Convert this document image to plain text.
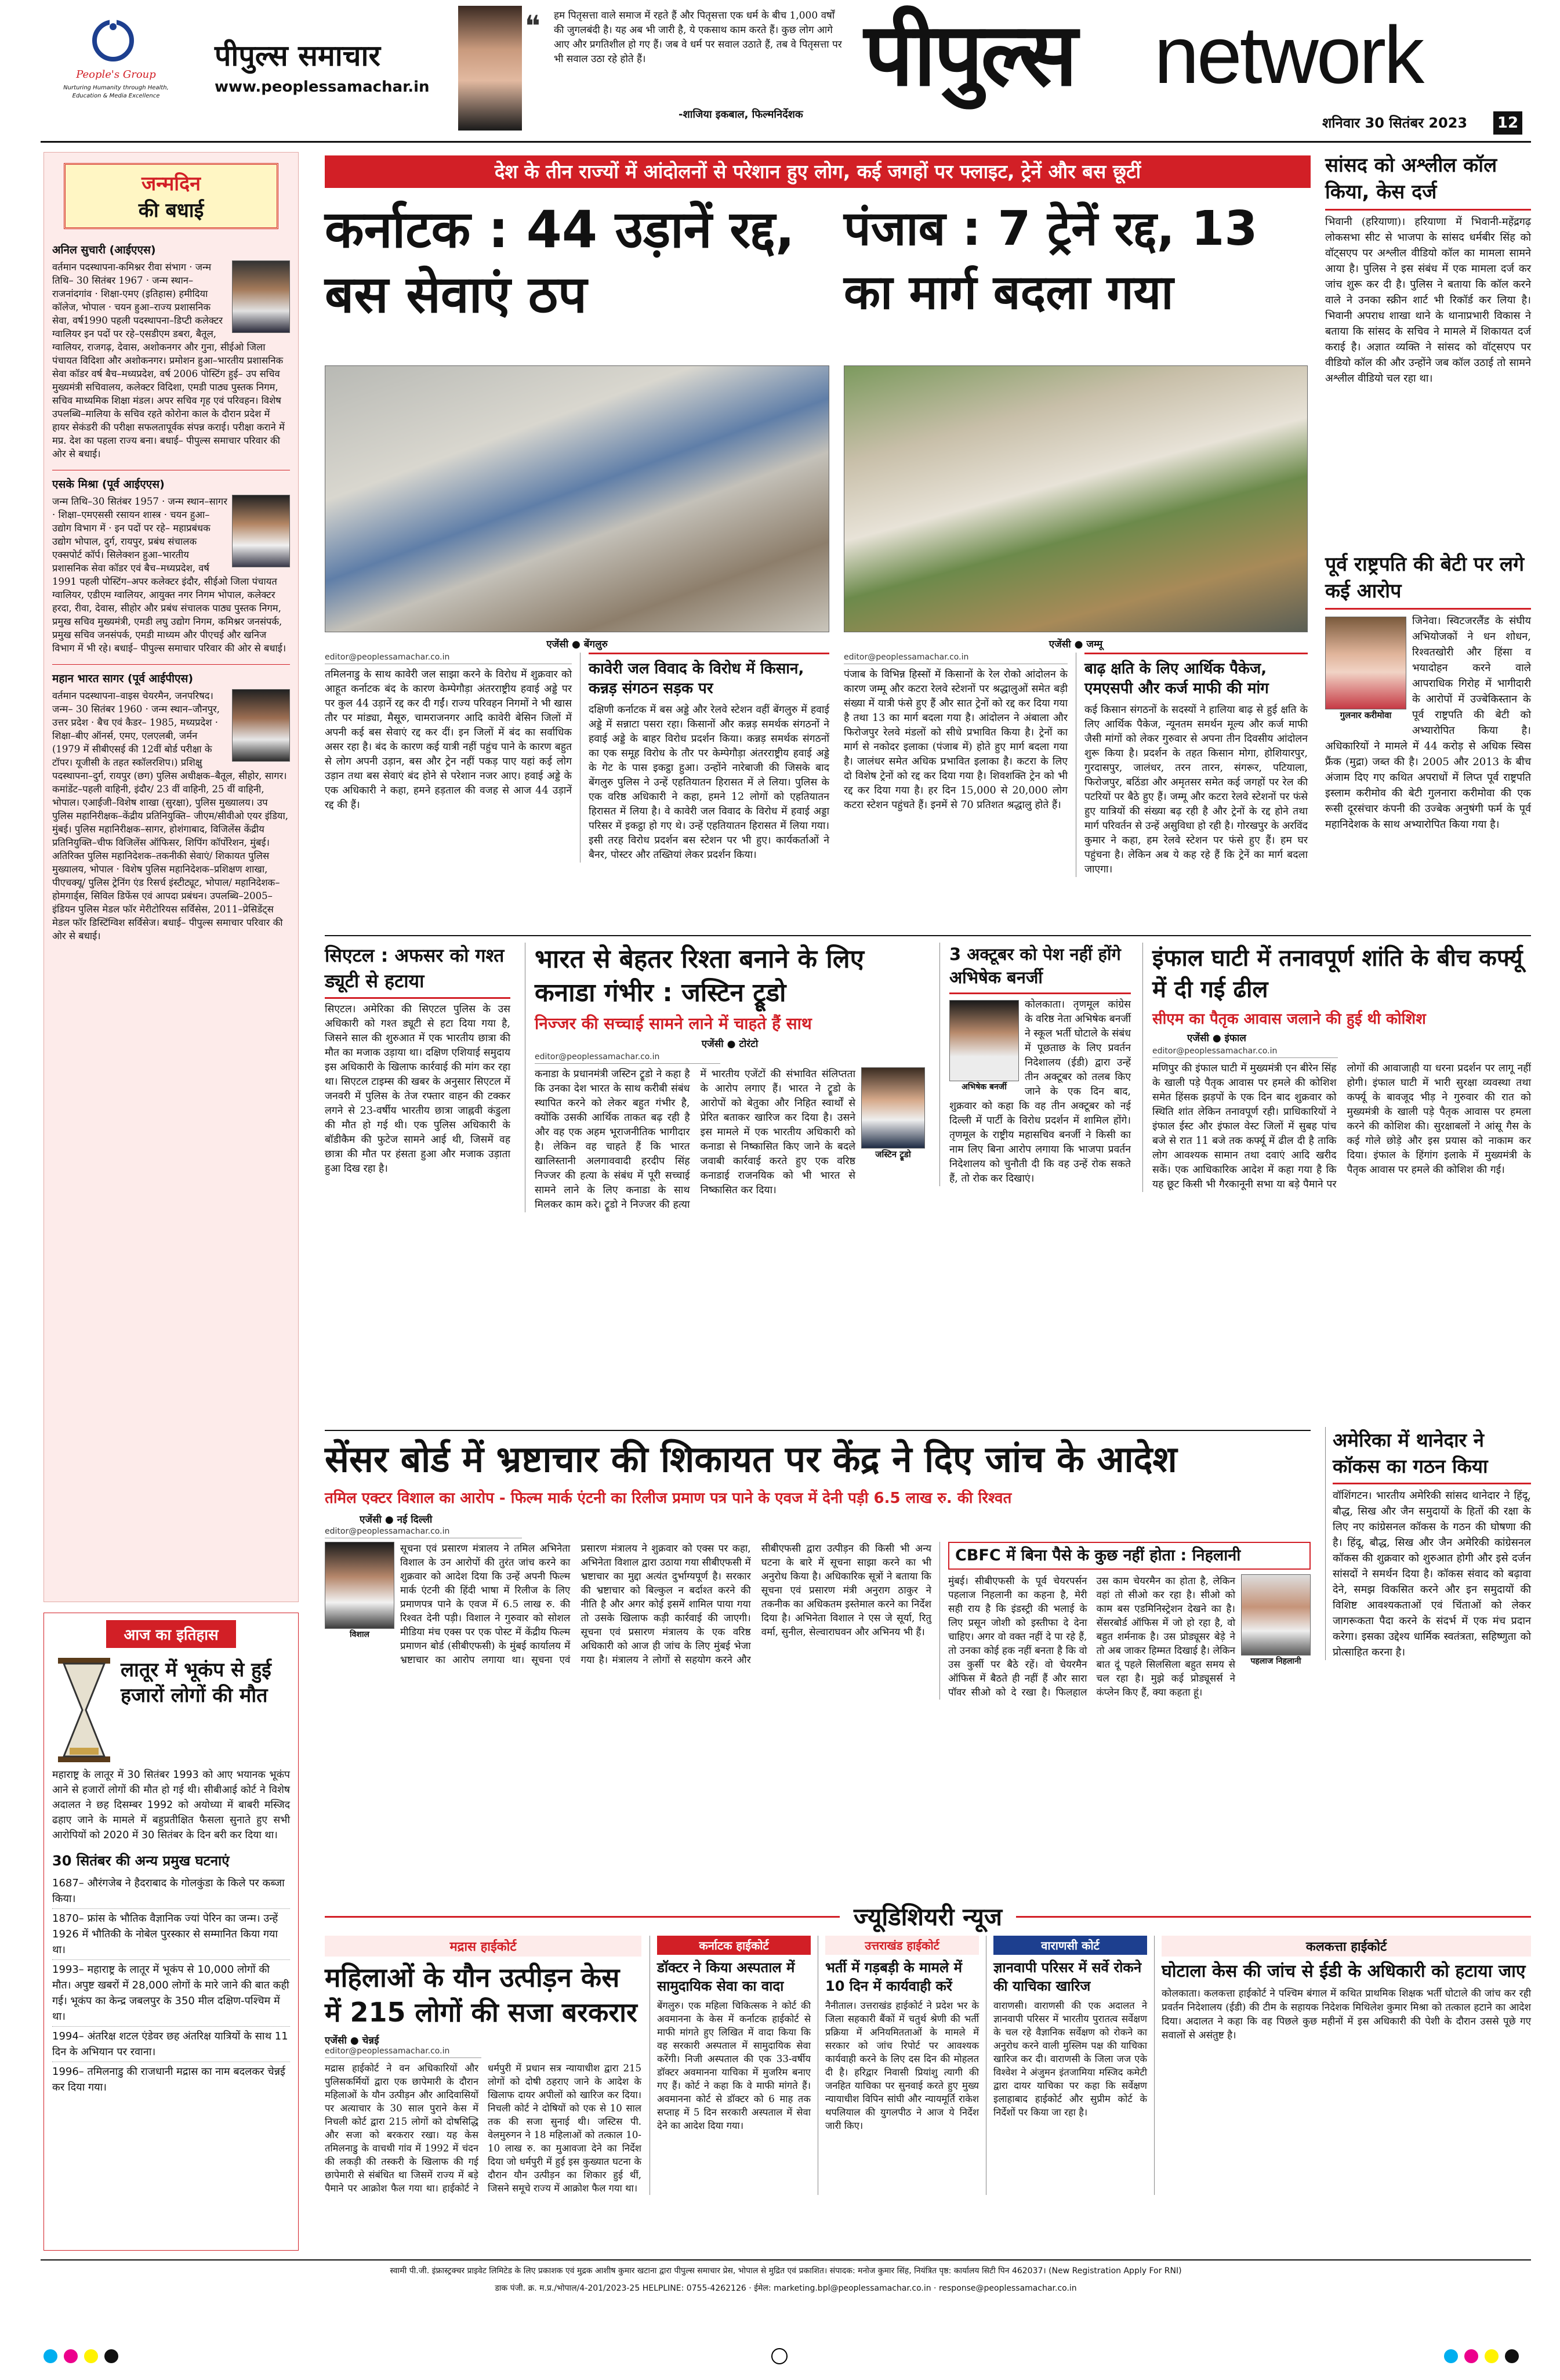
People's Group
Nurturing Humanity through Health, Education & Media Excellence
पीपुल्स समाचार
www.peoplessamachar.in
❝ हम पितृसत्ता वाले समाज में रहते हैं और पितृसत्ता एक धर्म के बीच 1,000 वर्षों की जुगलबंदी है। यह अब भी जारी है, ये एकसाथ काम करते हैं। कुछ लोग आगे आए और प्रगतिशील हो गए हैं। जब वे धर्म पर सवाल उठाते हैं, तब वे पितृसत्ता पर भी सवाल उठा रहे होते हैं।
-शाजिया इकबाल, फिल्मनिर्देशक
पीपुल्स network
शनिवार 30 सितंबर 2023 12
जन्मदिन
की बधाई
अनिल सुचारी (आईएएस)
वर्तमान पदस्थापना-कमिश्नर रीवा संभाग · जन्म तिथि– 30 सितंबर 1967 · जन्म स्थान– राजनांदगांव · शिक्षा-एमए (इतिहास) हमीदिया कॉलेज, भोपाल · चयन हुआ–राज्य प्रशासनिक सेवा, वर्ष1990 पहली पदस्थापना–डिप्टी कलेक्टर ग्वालियर इन पदों पर रहे–एसडीएम डबरा, बैतूल, ग्वालियर, राजगढ़, देवास, अशोकनगर और गुना, सीईओ जिला पंचायत विदिशा और अशोकनगर। प्रमोशन हुआ–भारतीय प्रशासनिक सेवा कॉडर वर्ष बैच–मध्यप्रदेश, वर्ष 2006 पोस्टिंग हुई– उप सचिव मुख्यमंत्री सचिवालय, कलेक्टर विदिशा, एमडी पाठ्य पुस्तक निगम, सचिव माध्यमिक शिक्षा मंडल। अपर सचिव गृह एवं परिवहन। विशेष उपलब्धि–मालिया के सचिव रहते कोरोना काल के दौरान प्रदेश में हायर सेकंडरी की परीक्षा सफलतापूर्वक संपन्न कराई। परीक्षा कराने में मप्र. देश का पहला राज्य बना। बधाई– पीपुल्स समाचार परिवार की ओर से बधाई।
एसके मिश्रा (पूर्व आईएएस)
जन्म तिथि–30 सितंबर 1957 · जन्म स्थान–सागर · शिक्षा–एमएससी रसायन शास्त्र · चयन हुआ–उद्योग विभाग में · इन पदों पर रहे– महाप्रबंधक उद्योग भोपाल, दुर्ग, रायपुर, प्रबंध संचालक एक्सपोर्ट कॉर्प। सिलेक्शन हुआ–भारतीय प्रशासनिक सेवा कॉडर एवं बैच–मध्यप्रदेश, वर्ष 1991 पहली पोस्टिंग–अपर कलेक्टर इंदौर, सीईओ जिला पंचायत ग्वालियर, एडीएम ग्वालियर, आयुक्त नगर निगम भोपाल, कलेक्टर हरदा, रीवा, देवास, सीहोर और प्रबंध संचालक पाठ्य पुस्तक निगम, प्रमुख सचिव मुख्यमंत्री, एमडी लघु उद्योग निगम, कमिश्नर जनसंपर्क, प्रमुख सचिव जनसंपर्क, एमडी माध्यम और पीएचई और खनिज विभाग में भी रहे। बधाई– पीपुल्स समाचार परिवार की ओर से बधाई।
महान भारत सागर (पूर्व आईपीएस)
वर्तमान पदस्थापना–वाइस चेयरमैन, जनपरिषद। जन्म– 30 सितंबर 1960 · जन्म स्थान–जौनपुर, उत्तर प्रदेश · बैच एवं कैडर– 1985, मध्यप्रदेश · शिक्षा–बीए ऑनर्स, एमए, एलएलबी, जर्मन (1979 में सीबीएसई की 12वीं बोर्ड परीक्षा के टॉपर। यूजीसी के तहत स्कॉलरशिप।) प्रशिक्षु पदस्थापना–दुर्ग, रायपुर (छग) पुलिस अधीक्षक–बैतूल, सीहोर, सागर। कमांडेंट–पहली वाहिनी, इंदौर/ 23 वीं वाहिनी, 25 वीं वाहिनी, भोपाल। एआईजी–विशेष शाखा (सुरक्षा), पुलिस मुख्यालय। उप पुलिस महानिरीक्षक–केंद्रीय प्रतिनियुक्ति– जीएम/सीवीओ एयर इंडिया, मुंबई। पुलिस महानिरीक्षक–सागर, होशंगाबाद, विजिलेंस केंद्रीय प्रतिनियुक्ति–चीफ विजिलेंस ऑफिसर, शिपिंग कॉर्पोरेशन, मुंबई। अतिरिक्त पुलिस महानिदेशक–तकनीकी सेवाएं/ शिकायत पुलिस मुख्यालय, भोपाल · विशेष पुलिस महानिदेशक–प्रशिक्षण शाखा, पीएचक्यू/ पुलिस ट्रेनिंग एंड रिसर्च इंस्टीट्यूट, भोपाल/ महानिदेशक– होमगार्ड्स, सिविल डिफेंस एवं आपदा प्रबंधन। उपलब्धि–2005–इंडियन पुलिस मेडल फॉर मेरीटोरियस सर्विसेस, 2011–प्रेसिडेंट्स मेडल फॉर डिस्टिंग्विश सर्विसेज। बधाई– पीपुल्स समाचार परिवार की ओर से बधाई।
आज का इतिहास
लातूर में भूकंप से हुई हजारों लोगों की मौत
महाराष्ट्र के लातूर में 30 सितंबर 1993 को आए भयानक भूकंप आने से हजारों लोगों की मौत हो गई थी। सीबीआई कोर्ट ने विशेष अदालत ने छह दिसम्बर 1992 को अयोध्या में बाबरी मस्जिद ढहाए जाने के मामले में बहुप्रतीक्षित फैसला सुनाते हुए सभी आरोपियों को 2020 में 30 सितंबर के दिन बरी कर दिया था।
30 सितंबर की अन्य प्रमुख घटनाएं
1687– औरंगजेब ने हैदराबाद के गोलकुंडा के किले पर कब्जा किया।
1870– फ्रांस के भौतिक वैज्ञानिक ज्यां पेरिन का जन्म। उन्हें 1926 में भौतिकी के नोबेल पुरस्कार से सम्मानित किया गया था।
1993– महाराष्ट्र के लातूर में भूकंप से 10,000 लोगों की मौत। अपुष्ट खबरों में 28,000 लोगों के मारे जाने की बात कही गई। भूकंप का केन्द्र जबलपुर के 350 मील दक्षिण-पश्चिम में था।
1994– अंतरिक्ष शटल एंडेवर छह अंतरिक्ष यात्रियों के साथ 11 दिन के अभियान पर रवाना।
1996– तमिलनाडु की राजधानी मद्रास का नाम बदलकर चेन्नई कर दिया गया।
देश के तीन राज्यों में आंदोलनों से परेशान हुए लोग, कई जगहों पर फ्लाइट, ट्रेनें और बस छूटीं
कर्नाटक : 44 उड़ानें रद्द, बस सेवाएं ठप
एजेंसी ● बेंगलुरु
editor@peoplessamachar.co.in

तमिलनाडु के साथ कावेरी जल साझा करने के विरोध में शुक्रवार को आहूत कर्नाटक बंद के कारण केम्पेगौड़ा अंतरराष्ट्रीय हवाई अड्डे पर पर कुल 44 उड़ानें रद्द कर दी गईं। राज्य परिवहन निगमों ने भी खास तौर पर मांड्या, मैसूरु, चामराजनगर आदि कावेरी बेसिन जिलों में अपनी कई बस सेवाएं रद्द कर दीं। इन जिलों में बंद का सर्वाधिक असर रहा है। बंद के कारण कई यात्री नहीं पहुंच पाने के कारण बहुत से लोग अपनी उड़ान, बस और ट्रेन नहीं पकड़ पाए यहां कई लोग उड़ान तथा बस सेवाएं बंद होने से परेशान नजर आए। हवाई अड्डे के एक अधिकारी ने कहा, हमने हड़ताल की वजह से आज 44 उड़ानें रद्द की हैं।

कावेरी जल विवाद के विरोध में किसान, कन्नड़ संगठन सड़क पर

दक्षिणी कर्नाटक में बस अड्डे और रेलवे स्टेशन वहीं बेंगलुरु में हवाई अड्डे में सन्नाटा पसरा रहा। किसानों और कन्नड़ समर्थक संगठनों ने हवाई अड्डे के बाहर विरोध प्रदर्शन किया। कन्नड़ समर्थक संगठनों का एक समूह विरोध के तौर पर केम्पेगौड़ा अंतरराष्ट्रीय हवाई अड्डे के गेट के पास इकट्ठा हुआ। उन्होंने नारेबाजी की जिसके बाद बेंगलुरु पुलिस ने उन्हें एहतियातन हिरासत में ले लिया। पुलिस के एक वरिष्ठ अधिकारी ने कहा, हमने 12 लोगों को एहतियातन हिरासत में लिया है। वे कावेरी जल विवाद के विरोध में हवाई अड्डा परिसर में इकट्ठा हो गए थे। उन्हें एहतियातन हिरासत में लिया गया। इसी तरह विरोध प्रदर्शन बस स्टेशन पर भी हुए। कार्यकर्ताओं ने बैनर, पोस्टर और तख्तियां लेकर प्रदर्शन किया।

पंजाब : 7 ट्रेनें रद्द, 13 का मार्ग बदला गया
एजेंसी ● जम्मू
editor@peoplessamachar.co.in

पंजाब के विभिन्न हिस्सों में किसानों के रेल रोको आंदोलन के कारण जम्मू और कटरा रेलवे स्टेशनों पर श्रद्धालुओं समेत बड़ी संख्या में यात्री फंसे हुए हैं और सात ट्रेनों को रद्द कर दिया गया है तथा 13 का मार्ग बदला गया है। आंदोलन ने अंबाला और फिरोजपुर रेलवे मंडलों को सीधे प्रभावित किया है। ट्रेनों का मार्ग से नकोदर इलाका (पंजाब में) होते हुए मार्ग बदला गया है। जालंधर समेत अधिक प्रभावित इलाका है। कटरा के लिए दो विशेष ट्रेनों को रद्द कर दिया गया है। शिवशक्ति ट्रेन को भी रद्द कर दिया गया है। हर दिन 15,000 से 20,000 लोग कटरा स्टेशन पहुंचते हैं। इनमें से 70 प्रतिशत श्रद्धालु होते हैं।

बाढ़ क्षति के लिए आर्थिक पैकेज, एमएसपी और कर्ज माफी की मांग

कई किसान संगठनों के सदस्यों ने हालिया बाढ़ से हुई क्षति के लिए आर्थिक पैकेज, न्यूनतम समर्थन मूल्य और कर्ज माफी जैसी मांगों को लेकर गुरुवार से अपना तीन दिवसीय आंदोलन शुरू किया है। प्रदर्शन के तहत किसान मोगा, होशियारपुर, गुरदासपुर, जालंधर, तरन तारन, संगरूर, पटियाला, फिरोजपुर, बठिंडा और अमृतसर समेत कई जगहों पर रेल की पटरियों पर बैठे हुए हैं। जम्मू और कटरा रेलवे स्टेशनों पर फंसे हुए यात्रियों की संख्या बढ़ रही है और ट्रेनों के रद्द होने तथा मार्ग परिवर्तन से उन्हें असुविधा हो रही है। गोरखपुर के अरविंद कुमार ने कहा, हम रेलवे स्टेशन पर फंसे हुए हैं। हम घर पहुंचना है। लेकिन अब ये कह रहे हैं कि ट्रेनें का मार्ग बदला जाएगा।

सांसद को अश्लील कॉल किया, केस दर्ज

भिवानी (हरियाणा)। हरियाणा में भिवानी-महेंद्रगढ़ लोकसभा सीट से भाजपा के सांसद धर्मबीर सिंह को वॉट्सएप पर अश्लील वीडियो कॉल का मामला सामने आया है। पुलिस ने इस संबंध में एक मामला दर्ज कर जांच शुरू कर दी है। पुलिस ने बताया कि कॉल करने वाले ने उनका स्क्रीन शार्ट भी रिकॉर्ड कर लिया है। भिवानी अपराध शाखा थाने के थानाप्रभारी विकास ने बताया कि सांसद के सचिव ने मामले में शिकायत दर्ज कराई है। अज्ञात व्यक्ति ने सांसद को वॉट्सएप पर वीडियो कॉल की और उन्होंने जब कॉल उठाई तो सामने अश्लील वीडियो चल रहा था।

पूर्व राष्ट्रपति की बेटी पर लगे कई आरोप
गुलनार करीमोवा

जिनेवा। स्विटजरलैंड के संघीय अभियोजकों ने धन शोधन, रिश्वतखोरी और हिंसा व भयादोहन करने वाले आपराधिक गिरोह में भागीदारी के आरोपों में उज्बेकिस्तान के पूर्व राष्ट्रपति की बेटी को अभ्यारोपित किया है। अधिकारियों ने मामले में 44 करोड़ से अधिक स्विस फ्रैंक (मुद्रा) जब्त की है। 2005 और 2013 के बीच अंजाम दिए गए कथित अपराधों में लिप्त पूर्व राष्ट्रपति इस्लाम करीमोव की बेटी गुलनारा करीमोवा की एक रूसी दूरसंचार कंपनी की उज्बेक अनुषंगी फर्म के पूर्व महानिदेशक के साथ अभ्यारोपित किया गया है।

सिएटल : अफसर को गश्त ड्यूटी से हटाया

सिएटल। अमेरिका की सिएटल पुलिस के उस अधिकारी को गश्त ड्यूटी से हटा दिया गया है, जिसने साल की शुरुआत में एक भारतीय छात्रा की मौत का मजाक उड़ाया था। दक्षिण एशियाई समुदाय इस अधिकारी के खिलाफ कार्रवाई की मांग कर रहा था। सिएटल टाइम्स की खबर के अनुसार सिएटल में जनवरी में पुलिस के तेज रफ्तार वाहन की टक्कर लगने से 23-वर्षीय भारतीय छात्रा जाह्नवी कंडुला की मौत हो गई थी। एक पुलिस अधिकारी के बॉडीकैम की फुटेज सामने आई थी, जिसमें वह छात्रा की मौत पर हंसता हुआ और मजाक उड़ाता हुआ दिख रहा है।

भारत से बेहतर रिश्ता बनाने के लिए कनाडा गंभीर : जस्टिन ट्रूडो
निज्जर की सच्चाई सामने लाने में चाहते हैं साथ
एजेंसी ● टोरंटो
editor@peoplessamachar.co.in
जस्टिन ट्रूडो

कनाडा के प्रधानमंत्री जस्टिन ट्रूडो ने कहा है कि उनका देश भारत के साथ करीबी संबंध स्थापित करने को लेकर बहुत गंभीर है, क्योंकि उसकी आर्थिक ताकत बढ़ रही है और वह एक अहम भूराजनीतिक भागीदार है। लेकिन वह चाहते हैं कि भारत खालिस्तानी अलगाववादी हरदीप सिंह निज्जर की हत्या के संबंध में पूरी सच्चाई सामने लाने के लिए कनाडा के साथ मिलकर काम करे। ट्रूडो ने निज्जर की हत्या में भारतीय एजेंटों की संभावित संलिप्तता के आरोप लगाए हैं। भारत ने ट्रूडो के आरोपों को बेतुका और निहित स्वार्थों से प्रेरित बताकर खारिज कर दिया है। उसने इस मामले में एक भारतीय अधिकारी को कनाडा से निष्कासित किए जाने के बदले जवाबी कार्रवाई करते हुए एक वरिष्ठ कनाडाई राजनयिक को भी भारत से निष्कासित कर दिया।

3 अक्टूबर को पेश नहीं होंगे अभिषेक बनर्जी
अभिषेक बनर्जी

कोलकाता। तृणमूल कांग्रेस के वरिष्ठ नेता अभिषेक बनर्जी ने स्कूल भर्ती घोटाले के संबंध में पूछताछ के लिए प्रवर्तन निदेशालय (ईडी) द्वारा उन्हें तीन अक्टूबर को तलब किए जाने के एक दिन बाद, शुक्रवार को कहा कि वह तीन अक्टूबर को नई दिल्ली में पार्टी के विरोध प्रदर्शन में शामिल होंगे। तृणमूल के राष्ट्रीय महासचिव बनर्जी ने किसी का नाम लिए बिना आरोप लगाया कि भाजपा प्रवर्तन निदेशालय को चुनौती दी कि वह उन्हें रोक सकते हैं, तो रोक कर दिखाएं।

इंफाल घाटी में तनावपूर्ण शांति के बीच कर्फ्यू में दी गई ढील
सीएम का पैतृक आवास जलाने की हुई थी कोशिश
एजेंसी ● इंफाल
editor@peoplessamachar.co.in

मणिपुर की इंफाल घाटी में मुख्यमंत्री एन बीरेन सिंह के खाली पड़े पैतृक आवास पर हमले की कोशिश समेत हिंसक झड़पों के एक दिन बाद शुक्रवार को स्थिति शांत लेकिन तनावपूर्ण रही। प्राधिकारियों ने इंफाल ईस्ट और इंफाल वेस्ट जिलों में सुबह पांच बजे से रात 11 बजे तक कर्फ्यू में ढील दी है ताकि लोग आवश्यक सामान तथा दवाएं आदि खरीद सकें। एक आधिकारिक आदेश में कहा गया है कि यह छूट किसी भी गैरकानूनी सभा या बड़े पैमाने पर लोगों की आवाजाही या धरना प्रदर्शन पर लागू नहीं होगी। इंफाल घाटी में भारी सुरक्षा व्यवस्था तथा कर्फ्यू के बावजूद भीड़ ने गुरुवार की रात को मुख्यमंत्री के खाली पड़े पैतृक आवास पर हमला करने की कोशिश की। सुरक्षाबलों ने आंसू गैस के कई गोले छोड़े और इस प्रयास को नाकाम कर दिया। इंफाल के हिंगांग इलाके में मुख्यमंत्री के पैतृक आवास पर हमले की कोशिश की गई।

सेंसर बोर्ड में भ्रष्टाचार की शिकायत पर केंद्र ने दिए जांच के आदेश
तमिल एक्टर विशाल का आरोप - फिल्म मार्क एंटनी का रिलीज प्रमाण पत्र पाने के एवज में देनी पड़ी 6.5 लाख रु. की रिश्वत
एजेंसी ● नई दिल्ली
editor@peoplessamachar.co.in
विशाल

सूचना एवं प्रसारण मंत्रालय ने तमिल अभिनेता विशाल के उन आरोपों की तुरंत जांच करने का शुक्रवार को आदेश दिया कि उन्हें अपनी फिल्म मार्क एंटनी की हिंदी भाषा में रिलीज के लिए प्रमाणपत्र पाने के एवज में 6.5 लाख रु. की रिश्वत देनी पड़ी। विशाल ने गुरुवार को सोशल मीडिया मंच एक्स पर एक पोस्ट में केंद्रीय फिल्म प्रमाणन बोर्ड (सीबीएफसी) के मुंबई कार्यालय में भ्रष्टाचार का आरोप लगाया था। सूचना एवं प्रसारण मंत्रालय ने शुक्रवार को एक्स पर कहा, अभिनेता विशाल द्वारा उठाया गया सीबीएफसी में भ्रष्टाचार का मुद्दा अत्यंत दुर्भाग्यपूर्ण है। सरकार की भ्रष्टाचार को बिल्कुल न बर्दाश्त करने की नीति है और अगर कोई इसमें शामिल पाया गया तो उसके खिलाफ कड़ी कार्रवाई की जाएगी। सूचना एवं प्रसारण मंत्रालय के एक वरिष्ठ अधिकारी को आज ही जांच के लिए मुंबई भेजा गया है। मंत्रालय ने लोगों से सहयोग करने और सीबीएफसी द्वारा उत्पीड़न की किसी भी अन्य घटना के बारे में सूचना साझा करने का भी अनुरोध किया है। अधिकारिक सूत्रों ने बताया कि सूचना एवं प्रसारण मंत्री अनुराग ठाकुर ने तकनीक का अधिकतम इस्तेमाल करने का निर्देश दिया है। अभिनेता विशाल ने एस जे सूर्या, रितु वर्मा, सुनील, सेल्वाराघवन और अभिनय भी हैं।

CBFC में बिना पैसे के कुछ नहीं होता : निहलानी
पहलाज निहलानी

मुंबई। सीबीएफसी के पूर्व चेयरपर्सन पहलाज निहलानी का कहना है, मेरी सही राय है कि इंडस्ट्री की भलाई के लिए प्रसून जोशी को इस्तीफा दे देना चाहिए। अगर वो वक्त नहीं दे पा रहे हैं, तो उनका कोई हक नहीं बनता है कि वो उस कुर्सी पर बैठे रहें। वो चेयरमैन ऑफिस में बैठते ही नहीं हैं और सारा पॉवर सीओ को दे रखा है। फिलहाल उस काम चेयरमैन का होता है, लेकिन वहां तो सीओ कर रहा है। सीओ को काम बस एडमिनिस्ट्रेशन देखने का है। सेंसरबोर्ड ऑफिस में जो हो रहा है, वो बहुत शर्मनाक है। उस प्रोड्यूसर बेड़े ने तो अब जाकर हिम्मत दिखाई है। लेकिन बात दूं पहले सिलसिला बहुत समय से चल रहा है। मुझे कई प्रोड्यूसर्स ने कंप्लेन किए हैं, क्या कहता हूं।

अमेरिका में थानेदार ने कॉकस का गठन किया

वॉशिंगटन। भारतीय अमेरिकी सांसद थानेदार ने हिंदू, बौद्ध, सिख और जैन समुदायों के हितों की रक्षा के लिए नए कांग्रेसनल कॉकस के गठन की घोषणा की है। हिंदू, बौद्ध, सिख और जैन अमेरिकी कांग्रेसनल कॉकस की शुक्रवार को शुरुआत होगी और इसे दर्जन सांसदों ने समर्थन दिया है। कॉकस संवाद को बढ़ावा देने, समझ विकसित करने और इन समुदायों की विशिष्ट आवश्यकताओं एवं चिंताओं को लेकर जागरूकता पैदा करने के संदर्भ में एक मंच प्रदान करेगा। इसका उद्देश्य धार्मिक स्वतंत्रता, सहिष्णुता को प्रोत्साहित करना है।

ज्यूडिशियरी न्यूज
मद्रास हाईकोर्ट
महिलाओं के यौन उत्पीड़न केस में 215 लोगों की सजा बरकरार
एजेंसी ● चेन्नई
editor@peoplessamachar.co.in

मद्रास हाईकोर्ट ने वन अधिकारियों और पुलिसकर्मियों द्वारा एक छापेमारी के दौरान महिलाओं के यौन उत्पीड़न और आदिवासियों पर अत्याचार के 30 साल पुराने केस में निचली कोर्ट द्वारा 215 लोगों को दोषसिद्धि और सजा को बरकरार रखा। यह केस तमिलनाडु के वाचथी गांव में 1992 में चंदन की लकड़ी की तस्करी के खिलाफ की गई छापेमारी से संबंधित था जिसमें राज्य में बड़े पैमाने पर आक्रोश फैल गया था। हाईकोर्ट ने धर्मपुरी में प्रधान सत्र न्यायाधीश द्वारा 215 लोगों को दोषी ठहराए जाने के आदेश के खिलाफ दायर अपीलों को खारिज कर दिया। निचली कोर्ट ने दोषियों को एक से 10 साल तक की सजा सुनाई थी। जस्टिस पी. वेलमुरुगन ने 18 महिलाओं को तत्काल 10-10 लाख रु. का मुआवजा देने का निर्देश दिया जो धर्मपुरी में हुई इस कुख्यात घटना के दौरान यौन उत्पीड़न का शिकार हुई थीं, जिसने समूचे राज्य में आक्रोश फैल गया था।

कर्नाटक हाईकोर्ट
डॉक्टर ने किया अस्पताल में सामुदायिक सेवा का वादा

बेंगलुरु। एक महिला चिकित्सक ने कोर्ट की अवमानना के केस में कर्नाटक हाईकोर्ट से माफी मांगते हुए लिखित में वादा किया कि वह सरकारी अस्पताल में सामुदायिक सेवा करेंगी। निजी अस्पताल की एक 33-वर्षीय डॉक्टर अवमानना याचिका में मुजरिम बनाए गए हैं। कोर्ट ने कहा कि वे माफी मांगते हैं। अवमानना कोर्ट से डॉक्टर को 6 माह तक सप्ताह में 5 दिन सरकारी अस्पताल में सेवा देने का आदेश दिया गया।

उत्तराखंड हाईकोर्ट
भर्ती में गड़बड़ी के मामले में 10 दिन में कार्यवाही करें

नैनीताल। उत्तराखंड हाईकोर्ट ने प्रदेश भर के जिला सहकारी बैंकों में चतुर्थ श्रेणी की भर्ती प्रक्रिया में अनियमितताओं के मामले में सरकार को जांच रिपोर्ट पर आवश्यक कार्यवाही करने के लिए दस दिन की मोहलत दी है। हरिद्वार निवासी प्रियांशु त्यागी की जनहित याचिका पर सुनवाई करते हुए मुख्य न्यायाधीश विपिन सांघी और न्यायमूर्ति राकेश थपलियाल की युगलपीठ ने आज ये निर्देश जारी किए।

वाराणसी कोर्ट
ज्ञानवापी परिसर में सर्वे रोकने की याचिका खारिज

वाराणसी। वाराणसी की एक अदालत ने ज्ञानवापी परिसर में भारतीय पुरातत्व सर्वेक्षण के चल रहे वैज्ञानिक सर्वेक्षण को रोकने का अनुरोध करने वाली मुस्लिम पक्ष की याचिका खारिज कर दी। वाराणसी के जिला जज एके विश्वेश ने अंजुमन इंतजामिया मस्जिद कमेटी द्वारा दायर याचिका पर कहा कि सर्वेक्षण इलाहाबाद हाईकोर्ट और सुप्रीम कोर्ट के निर्देशों पर किया जा रहा है।

कलकत्ता हाईकोर्ट
घोटाला केस की जांच से ईडी के अधिकारी को हटाया जाए

कोलकाता। कलकत्ता हाईकोर्ट ने पश्चिम बंगाल में कथित प्राथमिक शिक्षक भर्ती घोटाले की जांच कर रही प्रवर्तन निदेशालय (ईडी) की टीम के सहायक निदेशक मिथिलेश कुमार मिश्रा को तत्काल हटाने का आदेश दिया। अदालत ने कहा कि वह पिछले कुछ महीनों में इस अधिकारी की पेशी के दौरान उससे पूछे गए सवालों से असंतुष्ट है।

स्वामी पी.जी. इंफ्रास्ट्रक्चर प्राइवेट लिमिटेड के लिए प्रकाशक एवं मुद्रक आशीष कुमार खटाना द्वारा पीपुल्स समाचार प्रेस, भोपाल से मुद्रित एवं प्रकाशित। संपादक: मनोज कुमार सिंह, नियंत्रित पृष्ठ: कार्यालय सिटी पिन 462037। (New Registration Apply For RNI)
डाक पंजी. क्र. म.प्र./भोपाल/4-201/2023-25 HELPLINE: 0755-4262126 · ईमेल: marketing.bpl@peoplessamachar.co.in · response@peoplessamachar.co.in
